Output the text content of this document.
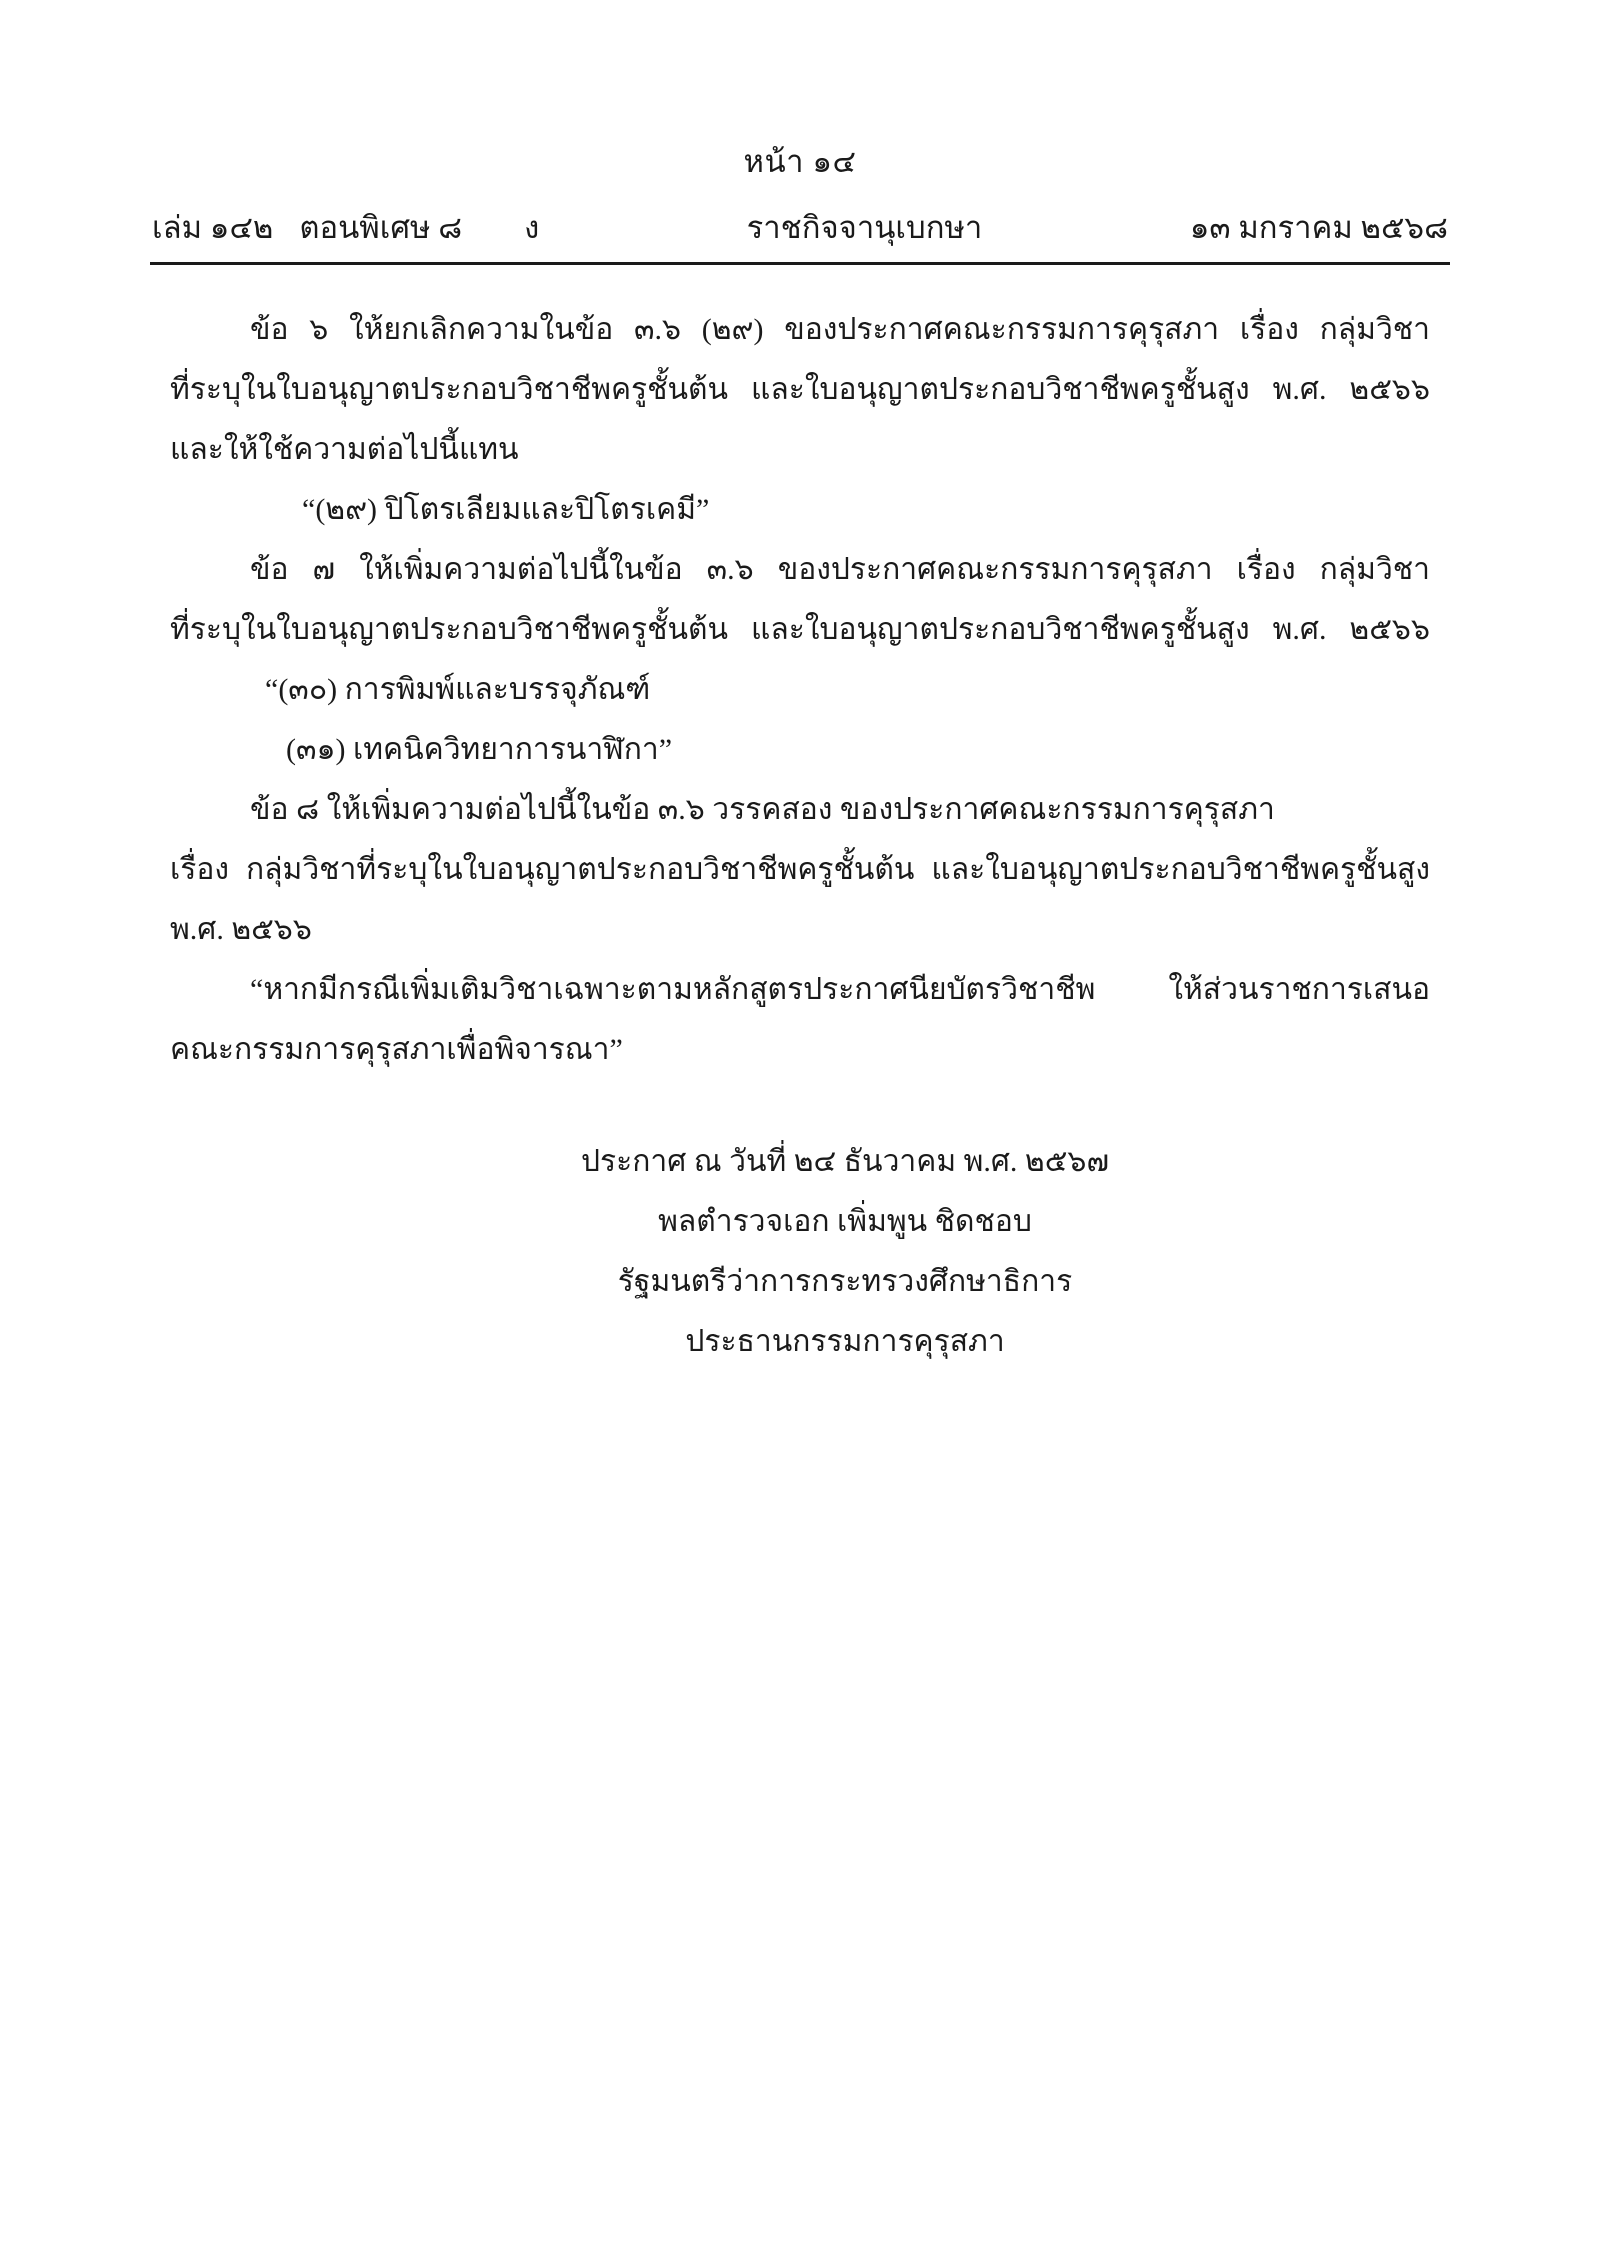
หน้า ๑๔
เล่ม ๑๔๒ ตอนพิเศษ ๘ ง	ราชกิจจานุเบกษา	๑๓ มกราคม ๒๕๖๘
ข้อ ๖ ให้ยกเลิกความในข้อ ๓.๖ (๒๙) ของประกาศคณะกรรมการคุรุสภา เรื่อง กลุ่มวิชา
ที่ระบุในใบอนุญาตประกอบวิชาชีพครูชั้นต้น และใบอนุญาตประกอบวิชาชีพครูชั้นสูง พ.ศ. ๒๕๖๖
และให้ใช้ความต่อไปนี้แทน
“(๒๙) ปิโตรเลียมและปิโตรเคมี”
ข้อ ๗ ให้เพิ่มความต่อไปนี้ในข้อ ๓.๖ ของประกาศคณะกรรมการคุรุสภา เรื่อง กลุ่มวิชา
ที่ระบุในใบอนุญาตประกอบวิชาชีพครูชั้นต้น และใบอนุญาตประกอบวิชาชีพครูชั้นสูง พ.ศ. ๒๕๖๖
“(๓๐) การพิมพ์และบรรจุภัณฑ์
(๓๑) เทคนิควิทยาการนาฬิกา”
ข้อ ๘ ให้เพิ่มความต่อไปนี้ในข้อ ๓.๖ วรรคสอง ของประกาศคณะกรรมการคุรุสภา
เรื่อง กลุ่มวิชาที่ระบุในใบอนุญาตประกอบวิชาชีพครูชั้นต้น และใบอนุญาตประกอบวิชาชีพครูชั้นสูง
พ.ศ. ๒๕๖๖
“หากมีกรณีเพิ่มเติมวิชาเฉพาะตามหลักสูตรประกาศนียบัตรวิชาชีพ ให้ส่วนราชการเสนอ
คณะกรรมการคุรุสภาเพื่อพิจารณา”
ประกาศ ณ วันที่ ๒๔ ธันวาคม พ.ศ. ๒๕๖๗
พลตำรวจเอก เพิ่มพูน ชิดชอบ
รัฐมนตรีว่าการกระทรวงศึกษาธิการ
ประธานกรรมการคุรุสภา
